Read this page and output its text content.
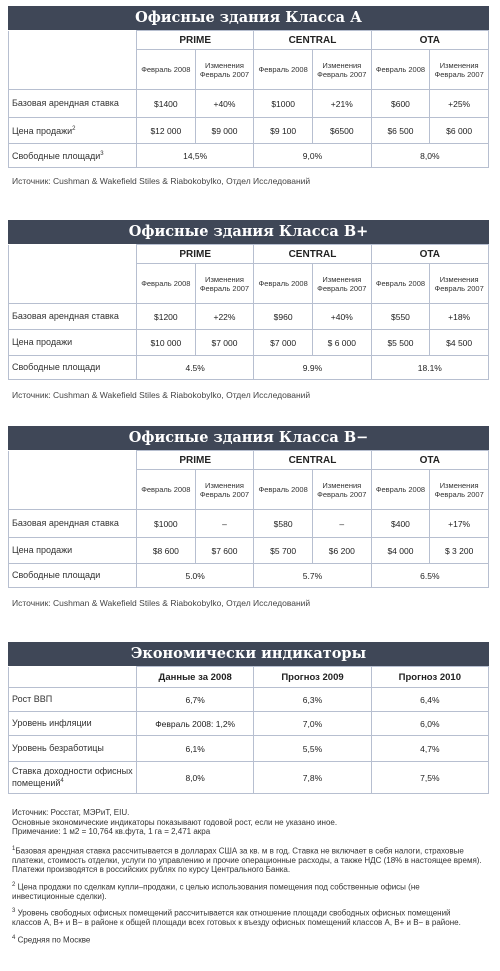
Офисные здания Класса А
	PRIME		CENTRAL		OTA	
	Февраль 2008	Изменения Февраль 2007	Февраль 2008	Изменения Февраль 2007	Февраль 2008	Изменения Февраль 2007
Базовая арендная ставка	$1400	+40%	$1000	+21%	$600	+25%
Цена продажи$^2$	$12 000	$9 000	$9 100	$6500	$6 500	$6 000
Свободные площади$^3$	14,5%		9,0%		8,0%	
Источник: Cushman & Wakefield Stiles & Riabokobylko, Отдел Исследований
Офисные здания Класса В+
	PRIME		CENTRAL		OTA	
	Февраль 2008	Изменения Февраль 2007	Февраль 2008	Изменения Февраль 2007	Февраль 2008	Изменения Февраль 2007
Базовая арендная ставка	$1200	+22%	$960	+40%	$550	+18%
Цена продажи	$10 000	$7 000	$7 000	$ 6 000	$5 500	$4 500
Свободные площади	4.5%		9.9%		18.1%	
Источник: Cushman & Wakefield Stiles & Riabokobylko, Отдел Исследований
Офисные здания Класса В−
	PRIME		CENTRAL		OTA	
	Февраль 2008	Изменения Февраль 2007	Февраль 2008	Изменения Февраль 2007	Февраль 2008	Изменения Февраль 2007
Базовая арендная ставка	$1000	–	$580	–	$400	+17%
Цена продажи	$8 600	$7 600	$5 700	$6 200	$4 000	$ 3 200
Свободные площади	5.0%		5.7%		6.5%	
Источник: Cushman & Wakefield Stiles & Riabokobylko, Отдел Исследований
Экономически индикаторы
	Данные за 2008	Прогноз 2009	Прогноз 2010
Рост ВВП	6,7%	6,3%	6,4%
Уровень инфляции	Февраль 2008: 1,2%	7,0%	6,0%
Уровень безработицы	6,1%	5,5%	4,7%
Ставка доходности офисных помещений$^4$	8,0%	7,8%	7,5%

Источник: Росстат, МЭРиТ, EIU.
Основные экономические индикаторы показывают годовой рост, если не указано иное.
Примечание: 1 м2 = 10,764 кв.фута, 1 га = 2,471 акра

$^1$Базовая арендная ставка рассчитывается в долларах США за кв. м в год. Ставка не включает в себя налоги, страховые платежи, стоимость отделки, услуги по управлению и прочие операционные расходы, а также НДС (18% в настоящее время). Платежи производятся в российских рублях по курсу Центрального Банка.

$^2$ Цена продажи по сделкам купли–продажи, с целью использования помещения под собственные офисы (не инвестиционные сделки).

$^3$ Уровень свободных офисных помещений рассчитывается как отношение площади свободных офисных помещений классов А, В+ и В− в районе к общей площади всех готовых к въезду офисных помещений классов А, В+ и В− в районе.

$^4$ Средняя по Москве
